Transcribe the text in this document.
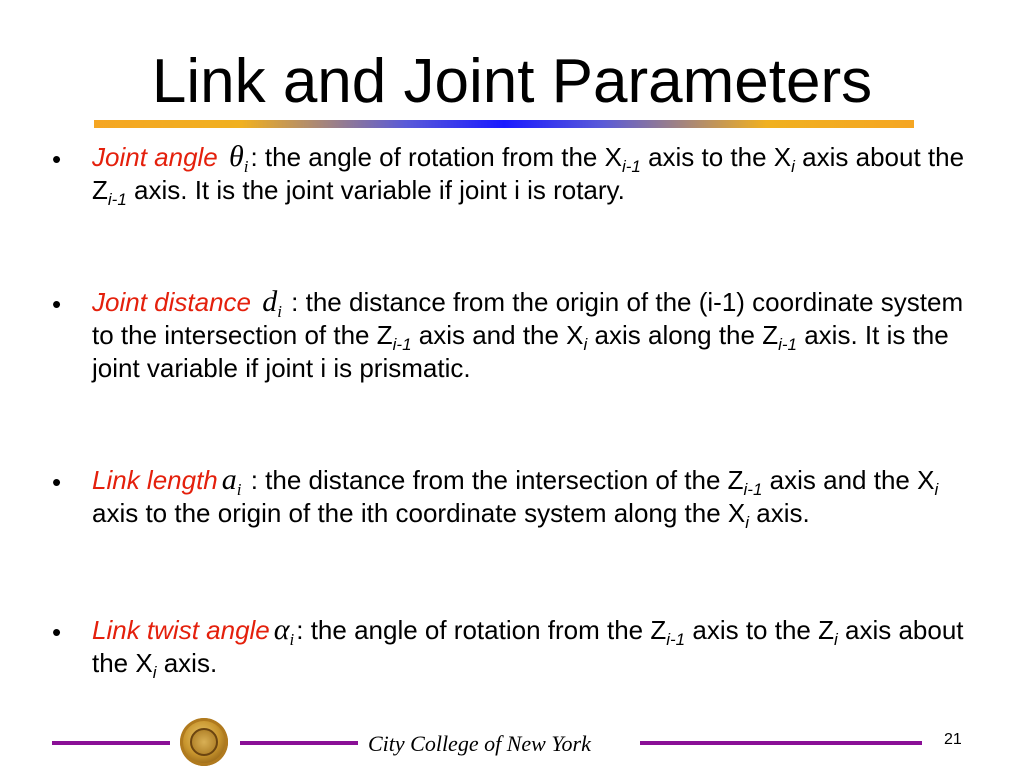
Link and Joint Parameters
• Joint angle $\theta_i$: the angle of rotation from the $X_{i-1}$ axis to the $X_i$ axis about the $Z_{i-1}$ axis. It is the joint variable if joint i is rotary.
• Joint distance $d_i$ : the distance from the origin of the (i-1) coordinate system to the intersection of the $Z_{i-1}$ axis and the $X_i$ axis along the $Z_{i-1}$ axis. It is the joint variable if joint i is prismatic.
• Link length $a_i$ : the distance from the intersection of the $Z_{i-1}$ axis and the $X_i$ axis to the origin of the ith coordinate system along the $X_i$ axis.
• Link twist angle $\alpha_i$: the angle of rotation from the $Z_{i-1}$ axis to the $Z_i$ axis about the $X_i$ axis.
City College of New York	21
